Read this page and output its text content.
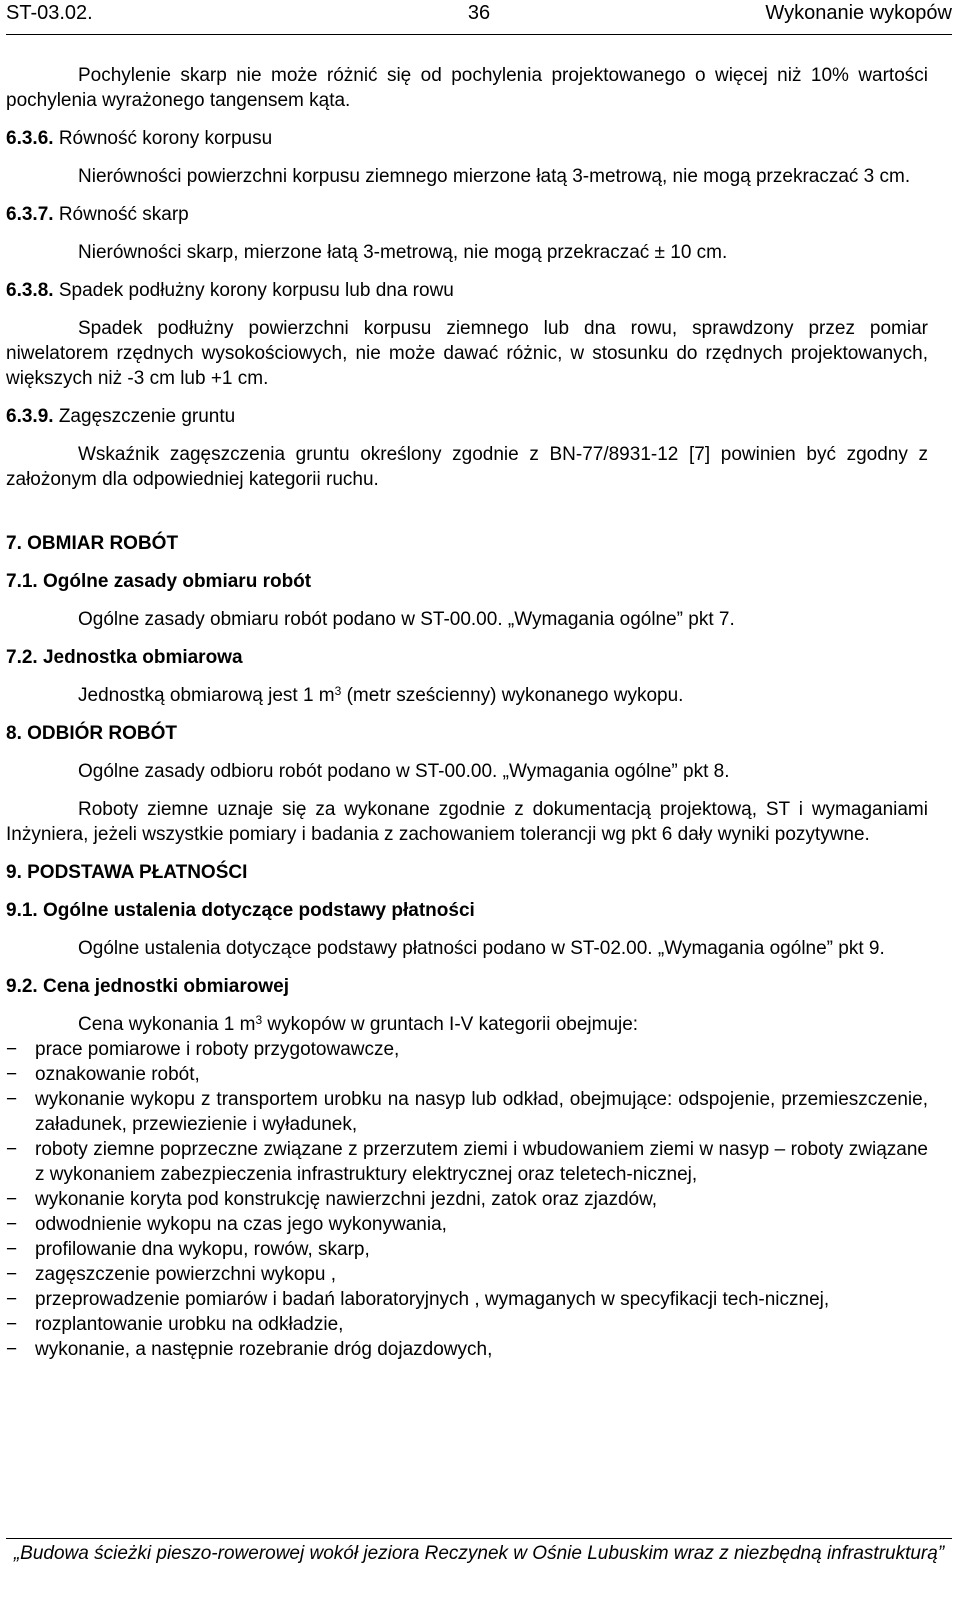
ST-03.02.	36	Wykonanie wykopów

Pochylenie skarp nie może różnić się od pochylenia projektowanego o więcej niż 10% wartości pochylenia wyrażonego tangensem kąta.

6.3.6. Równość korony korpusu

Nierówności powierzchni korpusu ziemnego mierzone łatą 3-metrową, nie mogą przekraczać 3 cm.

6.3.7. Równość skarp

Nierówności skarp, mierzone łatą 3-metrową, nie mogą przekraczać ± 10 cm.

6.3.8. Spadek podłużny korony korpusu lub dna rowu

Spadek podłużny powierzchni korpusu ziemnego lub dna rowu, sprawdzony przez pomiar niwelatorem rzędnych wysokościowych, nie może dawać różnic, w stosunku do rzędnych projektowanych, większych niż -3 cm lub +1 cm.

6.3.9. Zagęszczenie gruntu

Wskaźnik zagęszczenia gruntu określony zgodnie z BN-77/8931-12 [7] powinien być zgodny z założonym dla odpowiedniej kategorii ruchu.

7. OBMIAR ROBÓT
7.1. Ogólne zasady obmiaru robót

Ogólne zasady obmiaru robót podano w ST-00.00. „Wymagania ogólne” pkt 7.

7.2. Jednostka obmiarowa

Jednostką obmiarową jest 1 $m^3$ (metr sześcienny) wykonanego wykopu.

8. ODBIÓR ROBÓT

Ogólne zasady odbioru robót podano w ST-00.00. „Wymagania ogólne” pkt 8.

Roboty ziemne uznaje się za wykonane zgodnie z dokumentacją projektową, ST i wymaganiami Inżyniera, jeżeli wszystkie pomiary i badania z zachowaniem tolerancji wg pkt 6 dały wyniki pozytywne.

9. PODSTAWA PŁATNOŚCI
9.1. Ogólne ustalenia dotyczące podstawy płatności

Ogólne ustalenia dotyczące podstawy płatności podano w ST-02.00. „Wymagania ogólne” pkt 9.

9.2. Cena jednostki obmiarowej

Cena wykonania 1 $m^3$ wykopów w gruntach I-V kategorii obejmuje:

− prace pomiarowe i roboty przygotowawcze,
− oznakowanie robót,
− wykonanie wykopu z transportem urobku na nasyp lub odkład, obejmujące: odspojenie, przemieszczenie, załadunek, przewiezienie i wyładunek,
− roboty ziemne poprzeczne związane z przerzutem ziemi i wbudowaniem ziemi w nasyp – roboty związane z wykonaniem zabezpieczenia infrastruktury elektrycznej oraz teletech-nicznej,
− wykonanie koryta pod konstrukcję nawierzchni jezdni, zatok oraz zjazdów,
− odwodnienie wykopu na czas jego wykonywania,
− profilowanie dna wykopu, rowów, skarp,
− zagęszczenie powierzchni wykopu ,
− przeprowadzenie pomiarów i badań laboratoryjnych , wymaganych w specyfikacji tech-nicznej,
− rozplantowanie urobku na odkładzie,
− wykonanie, a następnie rozebranie dróg dojazdowych,
„Budowa ścieżki pieszo-rowerowej wokół jeziora Reczynek w Ośnie Lubuskim wraz z niezbędną infrastrukturą”
